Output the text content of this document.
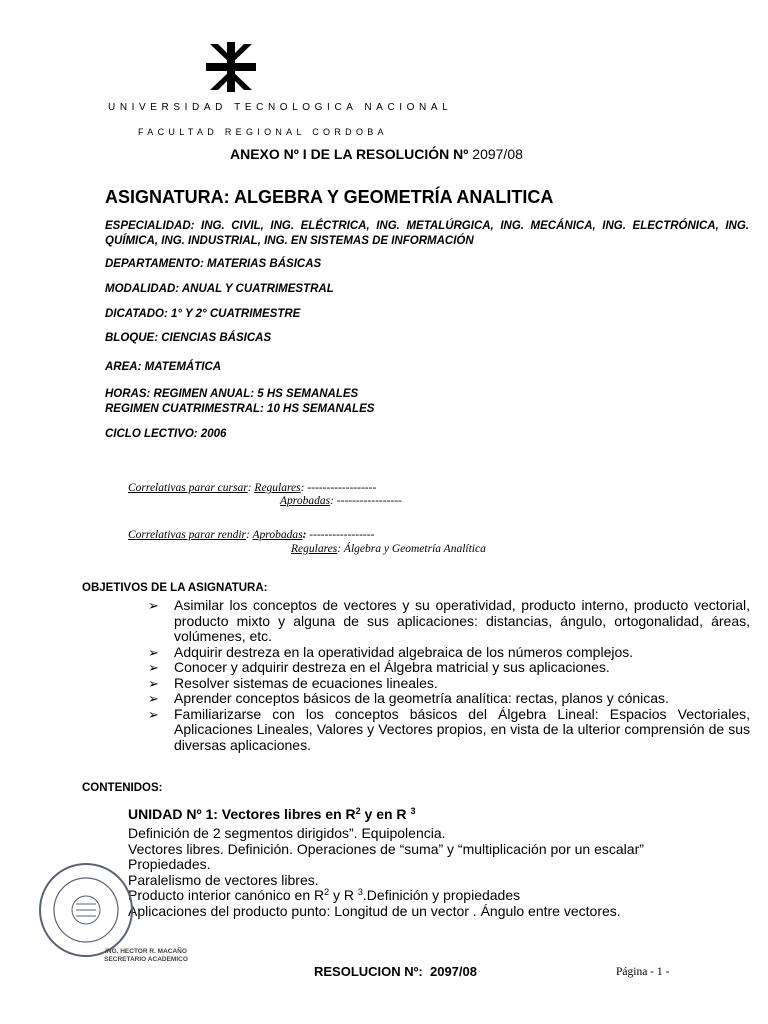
UNIVERSIDAD TECNOLOGICA NACIONAL
FACULTAD REGIONAL CORDOBA
ANEXO Nº I DE LA RESOLUCIÓN Nº 2097/08
ASIGNATURA: ALGEBRA Y GEOMETRÍA ANALITICA
ESPECIALIDAD: ING. CIVIL, ING. ELÉCTRICA, ING. METALÚRGICA, ING. MECÁNICA, ING. ELECTRÓNICA, ING. QUÍMICA, ING. INDUSTRIAL, ING. EN SISTEMAS DE INFORMACIÓN
DEPARTAMENTO: MATERIAS BÁSICAS
MODALIDAD: ANUAL Y CUATRIMESTRAL
DICATADO: 1° Y 2° CUATRIMESTRE
BLOQUE: CIENCIAS BÁSICAS
AREA: MATEMÁTICA
HORAS: REGIMEN ANUAL: 5 HS SEMANALES
REGIMEN CUATRIMESTRAL: 10 HS SEMANALES
CICLO LECTIVO: 2006
Correlativas parar cursar: Regulares: ------------------
Aprobadas: -----------------
Correlativas parar rendir: Aprobadas: -----------------
Regulares: Álgebra y Geometría Analítica
OBJETIVOS DE LA ASIGNATURA:
➢ Asimilar los conceptos de vectores y su operatividad, producto interno, producto vectorial, producto mixto y alguna de sus aplicaciones: distancias, ángulo, ortogonalidad, áreas, volúmenes, etc.
➢ Adquirir destreza en la operatividad algebraica de los números complejos.
➢ Conocer y adquirir destreza en el Álgebra matricial y sus aplicaciones.
➢ Resolver sistemas de ecuaciones lineales.
➢ Aprender conceptos básicos de la geometría analítica: rectas, planos y cónicas.
➢ Familiarizarse con los conceptos básicos del Álgebra Lineal: Espacios Vectoriales, Aplicaciones Lineales, Valores y Vectores propios, en vista de la ulterior comprensión de sus diversas aplicaciones.
CONTENIDOS:
UNIDAD Nº 1: Vectores libres en $R^2$ y en R $^3$
Definición de 2 segmentos dirigidos”. Equipolencia.
Vectores libres. Definición. Operaciones de “suma” y “multiplicación por un escalar”
Propiedades.
Paralelismo de vectores libres.
Producto interior canónico en $R^2$ y R $^3$.Definición y propiedades
Aplicaciones del producto punto: Longitud de un vector . Ángulo entre vectores.
ING. HECTOR R. MACAÑO
SECRETARIO ACADEMICO
RESOLUCION Nº: 2097/08	Página - 1 -
